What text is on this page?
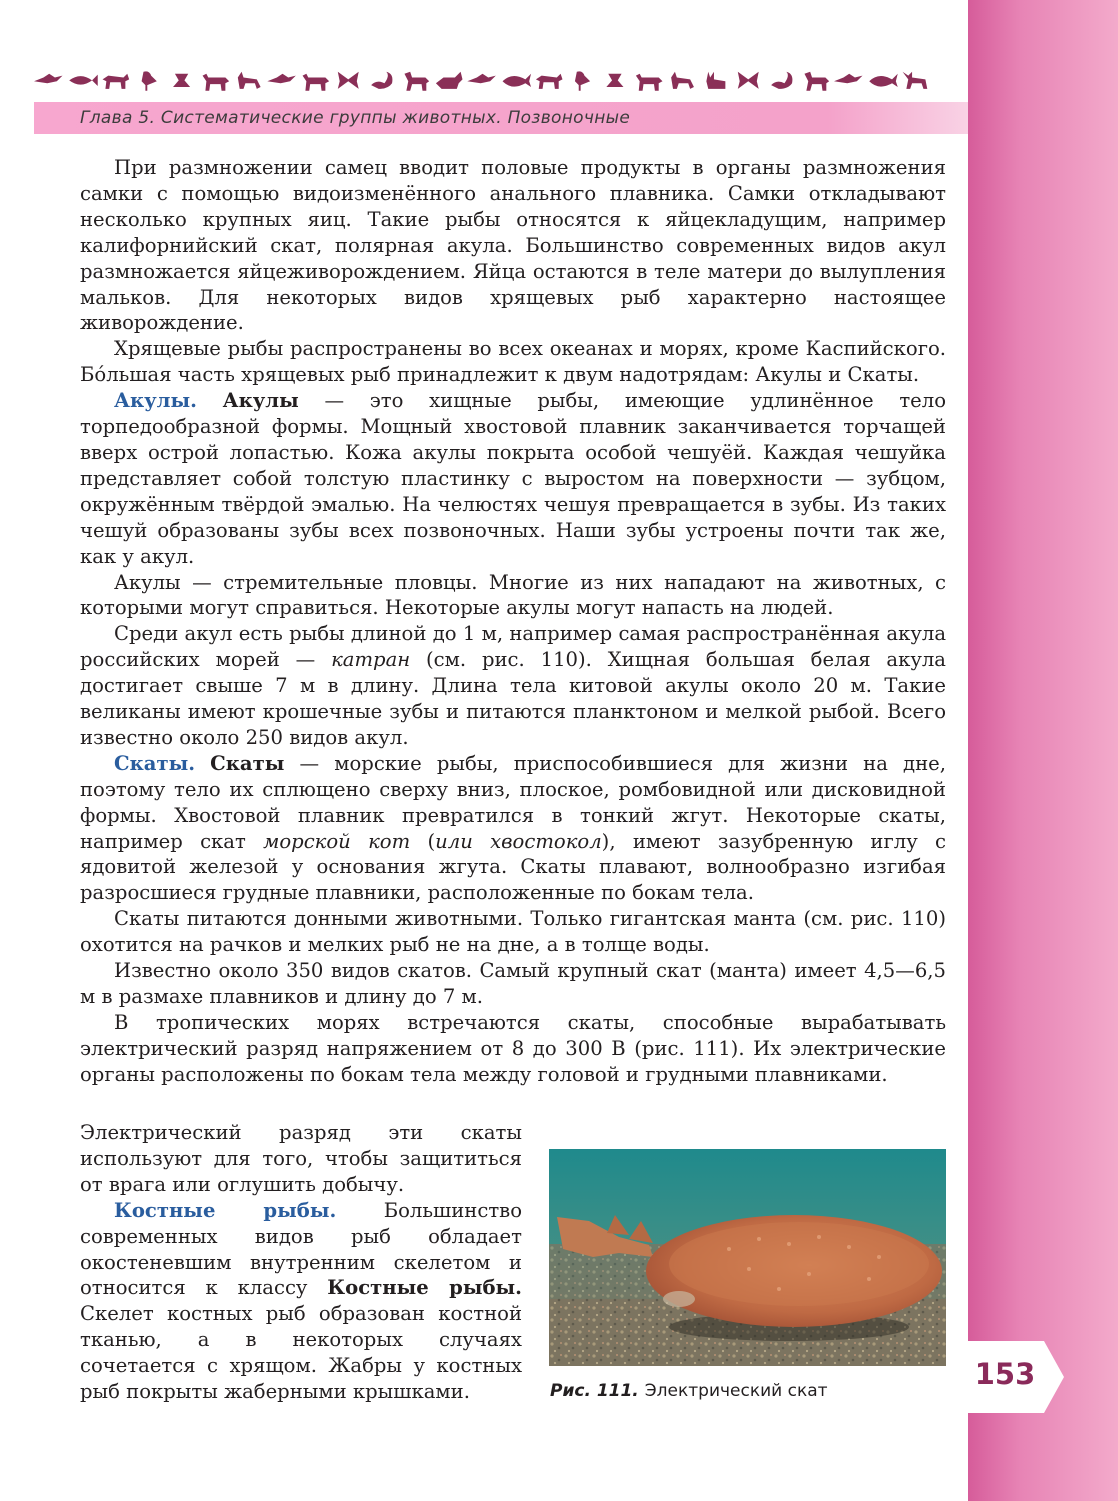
Глава 5. Систематические группы животных. Позвоночные

При размножении самец вводит половые продукты в органы размножения самки с помощью видоизменённого анального плавника. Самки откладывают несколько крупных яиц. Такие рыбы относятся к яйцекладущим, например калифорнийский скат, полярная акула. Большинство современных видов акул размножается яйцеживорождением. Яйца остаются в теле матери до вылупления мальков. Для некоторых видов хрящевых рыб характерно настоящее живорождение.

Хрящевые рыбы распространены во всех океанах и морях, кроме Каспийского. Бóльшая часть хрящевых рыб принадлежит к двум надотрядам: Акулы и Скаты.

Акулы. Акулы — это хищные рыбы, имеющие удлинённое тело торпедообразной формы. Мощный хвостовой плавник заканчивается торчащей вверх острой лопастью. Кожа акулы покрыта особой чешуёй. Каждая чешуйка представляет собой толстую пластинку с выростом на поверхности — зубцом, окружённым твёрдой эмалью. На челюстях чешуя превращается в зубы. Из таких чешуй образованы зубы всех позвоночных. Наши зубы устроены почти так же, как у акул.

Акулы — стремительные пловцы. Многие из них нападают на животных, с которыми могут справиться. Некоторые акулы могут напасть на людей.

Среди акул есть рыбы длиной до 1 м, например самая распространённая акула российских морей — катран (см. рис. 110). Хищная большая белая акула достигает свыше 7 м в длину. Длина тела китовой акулы около 20 м. Такие великаны имеют крошечные зубы и питаются планктоном и мелкой рыбой. Всего известно около 250 видов акул.

Скаты. Скаты — морские рыбы, приспособившиеся для жизни на дне, поэтому тело их сплющено сверху вниз, плоское, ромбовидной или дисковидной формы. Хвостовой плавник превратился в тонкий жгут. Некоторые скаты, например скат морской кот (или хвостокол), имеют зазубренную иглу с ядовитой железой у основания жгута. Скаты плавают, волнообразно изгибая разросшиеся грудные плавники, расположенные по бокам тела.

Скаты питаются донными животными. Только гигантская манта (см. рис. 110) охотится на рачков и мелких рыб не на дне, а в толще воды.

Известно около 350 видов скатов. Самый крупный скат (манта) имеет 4,5—6,5 м в размахе плавников и длину до 7 м.

В тропических морях встречаются скаты, способные вырабатывать электрический разряд напряжением от 8 до 300 В (рис. 111). Их электрические органы расположены по бокам тела между головой и грудными плавниками.

Электрический разряд эти скаты используют для того, чтобы защититься от врага или оглушить добычу.

Костные рыбы. Большинство современных видов рыб обладает окостеневшим внутренним скелетом и относится к классу Костные рыбы. Скелет костных рыб образован костной тканью, а в некоторых случаях сочетается с хрящом. Жабры у костных рыб покрыты жаберными крышками.	Рис. 111. Электрический скат	153
